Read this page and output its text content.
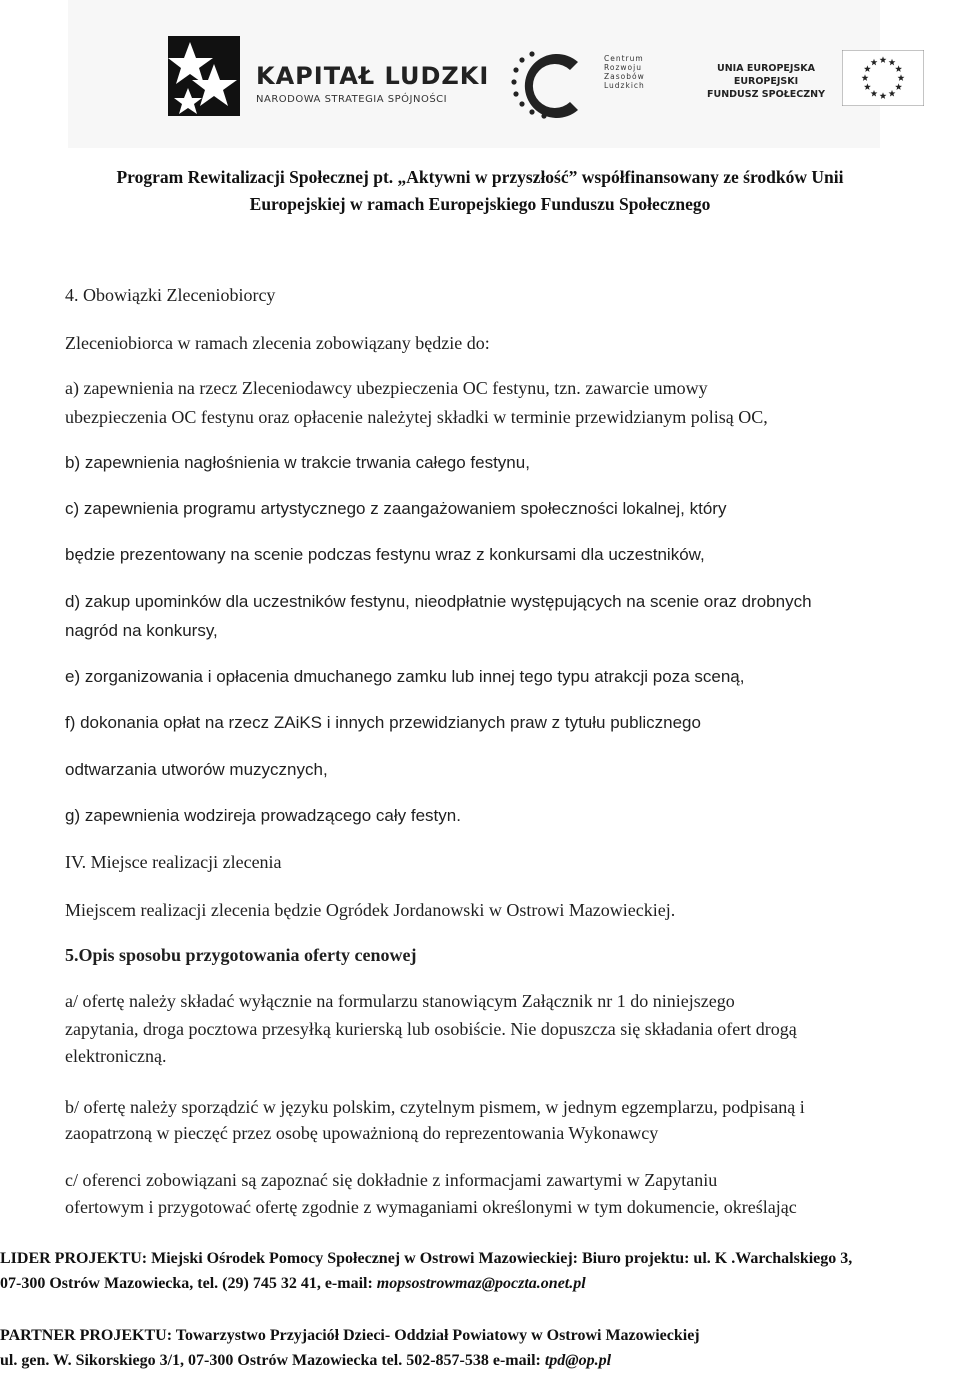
KAPITAŁ LUDZKI
NARODOWA STRATEGIA SPÓJNOŚCI
Centrum Rozwoju Zasobów Ludzkich
UNIA EUROPEJSKA
EUROPEJSKI
FUNDUSZ SPOŁECZNY
Program Rewitalizacji Społecznej pt. „Aktywni w przyszłość” współfinansowany ze środków Unii
Europejskiej w ramach Europejskiego Funduszu Społecznego
4. Obowiązki Zleceniobiorcy
Zleceniobiorca w ramach zlecenia zobowiązany będzie do:
a) zapewnienia na rzecz Zleceniodawcy ubezpieczenia OC festynu, tzn. zawarcie umowy
ubezpieczenia OC festynu oraz opłacenie należytej składki w terminie przewidzianym polisą OC,
b) zapewnienia nagłośnienia w trakcie trwania całego festynu,
c) zapewnienia programu artystycznego z zaangażowaniem społeczności lokalnej, który
będzie prezentowany na scenie podczas festynu wraz z konkursami dla uczestników,
d) zakup upominków dla uczestników festynu, nieodpłatnie występujących na scenie oraz drobnych
nagród na konkursy,
e) zorganizowania i opłacenia dmuchanego zamku lub innej tego typu atrakcji poza sceną,
f) dokonania opłat na rzecz ZAiKS i innych przewidzianych praw z tytułu publicznego
odtwarzania utworów muzycznych,
g) zapewnienia wodzireja prowadzącego cały festyn.
IV. Miejsce realizacji zlecenia
Miejscem realizacji zlecenia będzie Ogródek Jordanowski w Ostrowi Mazowieckiej.
5.Opis sposobu przygotowania oferty cenowej
a/ ofertę należy składać wyłącznie na formularzu stanowiącym Załącznik nr 1 do niniejszego
zapytania, droga pocztowa przesyłką kurierską lub osobiście. Nie dopuszcza się składania ofert drogą
elektroniczną.
b/ ofertę należy sporządzić w języku polskim, czytelnym pismem, w jednym egzemplarzu, podpisaną i
zaopatrzoną w pieczęć przez osobę upoważnioną do reprezentowania Wykonawcy
c/ oferenci zobowiązani są zapoznać się dokładnie z informacjami zawartymi w Zapytaniu
ofertowym i przygotować ofertę zgodnie z wymaganiami określonymi w tym dokumencie, określając
LIDER PROJEKTU: Miejski Ośrodek Pomocy Społecznej w Ostrowi Mazowieckiej: Biuro projektu: ul. K .Warchalskiego 3,
07-300 Ostrów Mazowiecka, tel. (29) 745 32 41, e-mail: mopsostrowmaz@poczta.onet.pl
PARTNER PROJEKTU: Towarzystwo Przyjaciół Dzieci- Oddział Powiatowy w Ostrowi Mazowieckiej
ul. gen. W. Sikorskiego 3/1, 07-300 Ostrów Mazowiecka tel. 502-857-538 e-mail: tpd@op.pl
